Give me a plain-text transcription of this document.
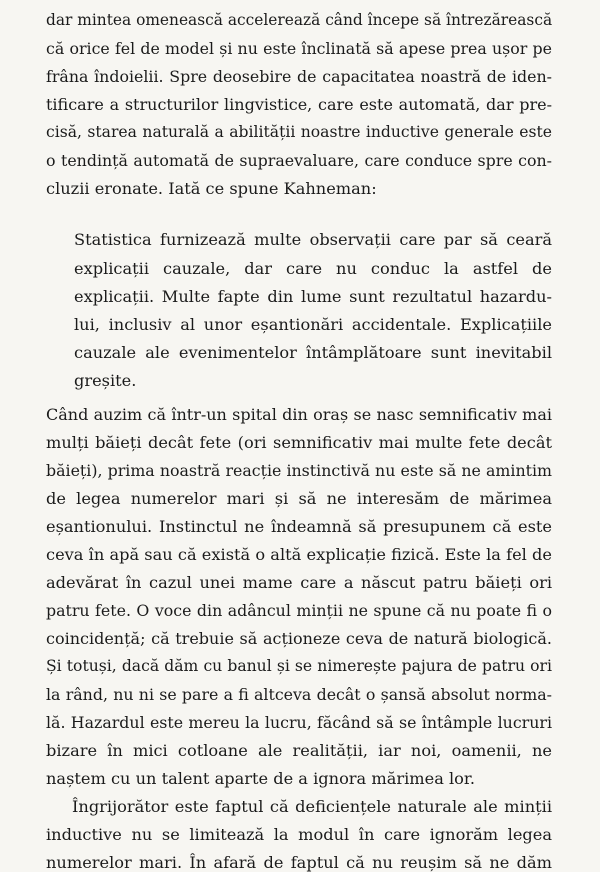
dar mintea omenească accelerează când începe să întrezărească
că orice fel de model și nu este înclinată să apese prea ușor pe
frâna îndoielii. Spre deosebire de capacitatea noastră de iden-
tificare a structurilor lingvistice, care este automată, dar pre-
cisă, starea naturală a abilității noastre inductive generale este
o tendință automată de supraevaluare, care conduce spre con-
cluzii eronate. Iată ce spune Kahneman:
Statistica furnizează multe observații care par să ceară
explicații cauzale, dar care nu conduc la astfel de
explicații. Multe fapte din lume sunt rezultatul hazardu-
lui, inclusiv al unor eșantionări accidentale. Explicațiile
cauzale ale evenimentelor întâmplătoare sunt inevitabil
greșite.
Când auzim că într-un spital din oraș se nasc semnificativ mai
mulți băieți decât fete (ori semnificativ mai multe fete decât
băieți), prima noastră reacție instinctivă nu este să ne amintim
de legea numerelor mari și să ne interesăm de mărimea
eșantionului. Instinctul ne îndeamnă să presupunem că este
ceva în apă sau că există o altă explicație fizică. Este la fel de
adevărat în cazul unei mame care a născut patru băieți ori
patru fete. O voce din adâncul minții ne spune că nu poate fi o
coincidență; că trebuie să acționeze ceva de natură biologică.
Și totuși, dacă dăm cu banul și se nimerește pajura de patru ori
la rând, nu ni se pare a fi altceva decât o șansă absolut norma-
lă. Hazardul este mereu la lucru, făcând să se întâmple lucruri
bizare în mici cotloane ale realității, iar noi, oamenii, ne
naștem cu un talent aparte de a ignora mărimea lor.
Îngrijorător este faptul că deficiențele naturale ale minții
inductive nu se limitează la modul în care ignorăm legea
numerelor mari. În afară de faptul că nu reușim să ne dăm
